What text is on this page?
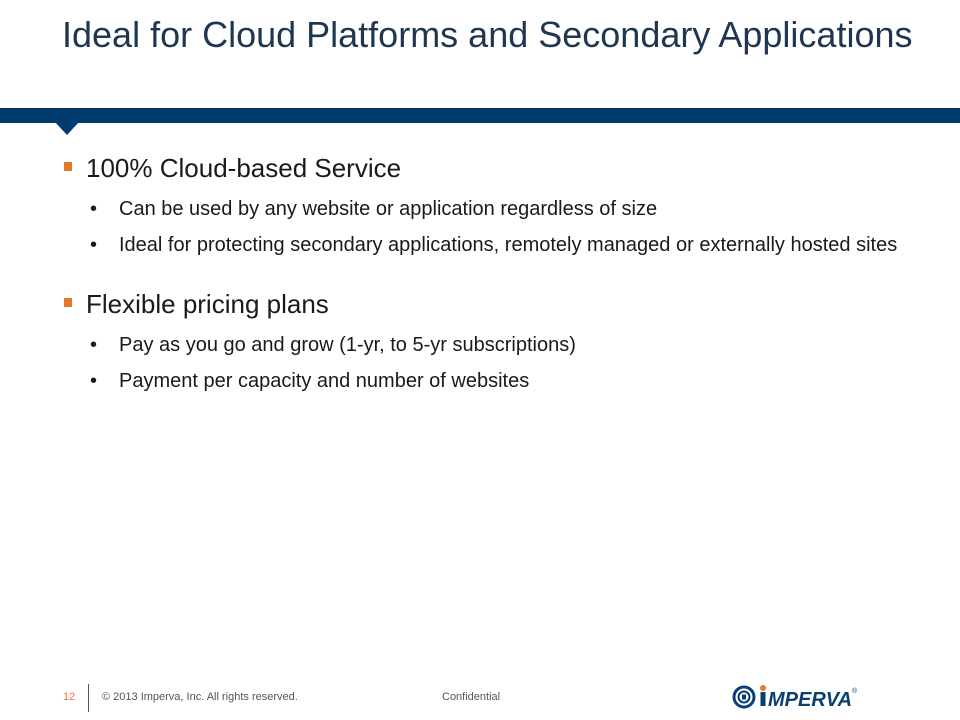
Ideal for Cloud Platforms and Secondary Applications
100% Cloud-based Service
• Can be used by any website or application regardless of size
• Ideal for protecting secondary applications, remotely managed or externally hosted sites
Flexible pricing plans
• Pay as you go and grow (1-yr, to 5-yr subscriptions)
• Payment per capacity and number of websites
12 © 2013 Imperva, Inc. All rights reserved.	Confidential	MPERVA ®
